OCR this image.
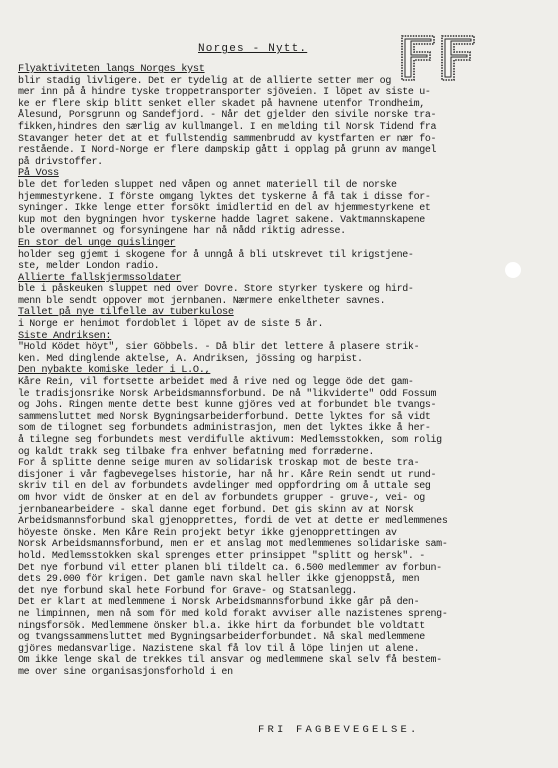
Norges - Nytt.
Flyaktiviteten langs Norges kyst
blir stadig livligere. Det er tydelig at de allierte setter mer og
mer inn på å hindre tyske troppetransporter sjöveien. I löpet av siste u-
ke er flere skip blitt senket eller skadet på havnene utenfor Trondheim,
Ålesund, Porsgrunn og Sandefjord. - Når det gjelder den sivile norske tra-
fikken,hindres den særlig av kullmangel. I en melding til Norsk Tidend fra
Stavanger heter det at et fullstendig sammenbrudd av kystfarten er nær fo-
restående. I Nord-Norge er flere dampskip gått i opplag på grunn av mangel
på drivstoffer.
På Voss
ble det forleden sluppet ned våpen og annet materiell til de norske
hjemmestyrkene. I förste omgang lyktes det tyskerne å få tak i disse for-
syninger. Ikke lenge etter forsökt imidlertid en del av hjemmestyrkene et
kup mot den bygningen hvor tyskerne hadde lagret sakene. Vaktmannskapene
ble overmannet og forsyningene har nå nådd riktig adresse.
En stor del unge quislinger
holder seg gjemt i skogene for å unngå å bli utskrevet til krigstjene-
ste, melder London radio.
Allierte fallskjermssoldater
ble i påskeuken sluppet ned over Dovre. Store styrker tyskere og hird-
menn ble sendt oppover mot jernbanen. Nærmere enkeltheter savnes.
Tallet på nye tilfelle av tuberkulose
i Norge er henimot fordoblet i löpet av de siste 5 år.
Siste Andriksen:
"Hold Ködet höyt", sier Göbbels. - Då blir det lettere å plasere strik-
ken. Med dinglende aktelse, A. Andriksen, jössing og harpist.
Den nybakte komiske leder i L.O.,
Kåre Rein, vil fortsette arbeidet med å rive ned og legge öde det gam-
le tradisjonsrike Norsk Arbeidsmannsforbund. De nå "likviderte" Odd Fossum
og Johs. Ringen mente dette best kunne gjöres ved at forbundet ble tvangs-
sammensluttet med Norsk Bygningsarbeiderforbund. Dette lyktes for så vidt
som de tilognet seg forbundets administrasjon, men det lyktes ikke å her-
å tilegne seg forbundets mest verdifulle aktivum: Medlemsstokken, som rolig
og kaldt trakk seg tilbake fra enhver befatning med forræderne.
For å splitte denne seige muren av solidarisk troskap mot de beste tra-
disjoner i vår fagbevegelses historie, har nå hr. Kåre Rein sendt ut rund-
skriv til en del av forbundets avdelinger med oppfordring om å uttale seg
om hvor vidt de önsker at en del av forbundets grupper - gruve-, vei- og
jernbanearbeidere - skal danne eget forbund. Det gis skinn av at Norsk
Arbeidsmannsforbund skal gjenopprettes, fordi de vet at dette er medlemmenes
höyeste önske. Men Kåre Rein projekt betyr ikke gjenopprettingen av
Norsk Arbeidsmannsforbund, men er et anslag mot medlemmenes solidariske sam-
hold. Medlemsstokken skal sprenges etter prinsippet "splitt og hersk". -
Det nye forbund vil etter planen bli tildelt ca. 6.500 medlemmer av forbun-
dets 29.000 för krigen. Det gamle navn skal heller ikke gjenoppstå, men
det nye forbund skal hete Forbund for Grave- og Statsanlegg.
Det er klart at medlemmene i Norsk Arbeidsmannsforbund ikke går på den-
ne limpinnen, men nå som för med kold forakt avviser alle nazistenes spreng-
ningsforsök. Medlemmene önsker bl.a. ikke hirt da forbundet ble voldtatt
og tvangssammensluttet med Bygningsarbeiderforbundet. Nå skal medlemmene
gjöres medansvarlige. Nazistene skal få lov til å löpe linjen ut alene.
Om ikke lenge skal de trekkes til ansvar og medlemmene skal selv få bestem-
me over sine organisasjonsforhold i en
FRI FAGBEVEGELSE.
